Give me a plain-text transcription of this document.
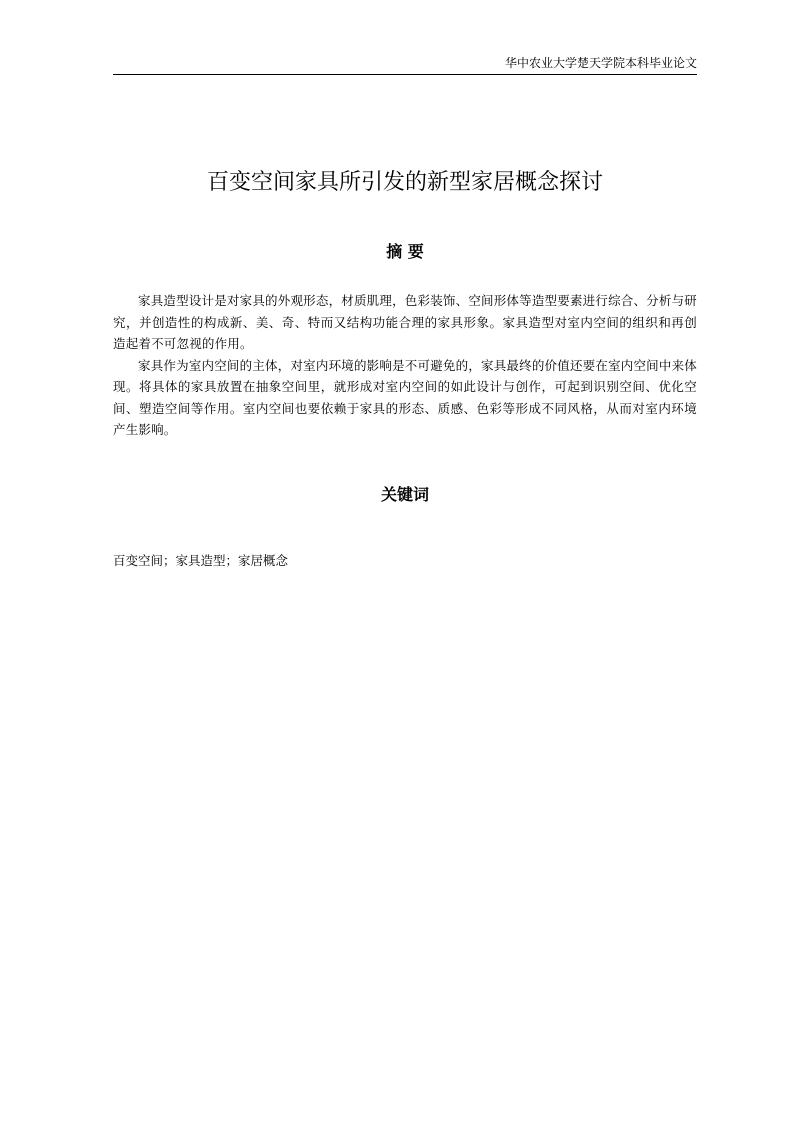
华中农业大学楚天学院本科毕业论文
百变空间家具所引发的新型家居概念探讨
摘 要

家具造型设计是对家具的外观形态，材质肌理，色彩装饰、空间形体等造型要素进行综合、分析与研究，并创造性的构成新、美、奇、特而又结构功能合理的家具形象。家具造型对室内空间的组织和再创造起着不可忽视的作用。

家具作为室内空间的主体，对室内环境的影响是不可避免的，家具最终的价值还要在室内空间中来体现。将具体的家具放置在抽象空间里，就形成对室内空间的如此设计与创作，可起到识别空间、优化空间、塑造空间等作用。室内空间也要依赖于家具的形态、质感、色彩等形成不同风格，从而对室内环境产生影响。

关键词
百变空间；家具造型；家居概念
